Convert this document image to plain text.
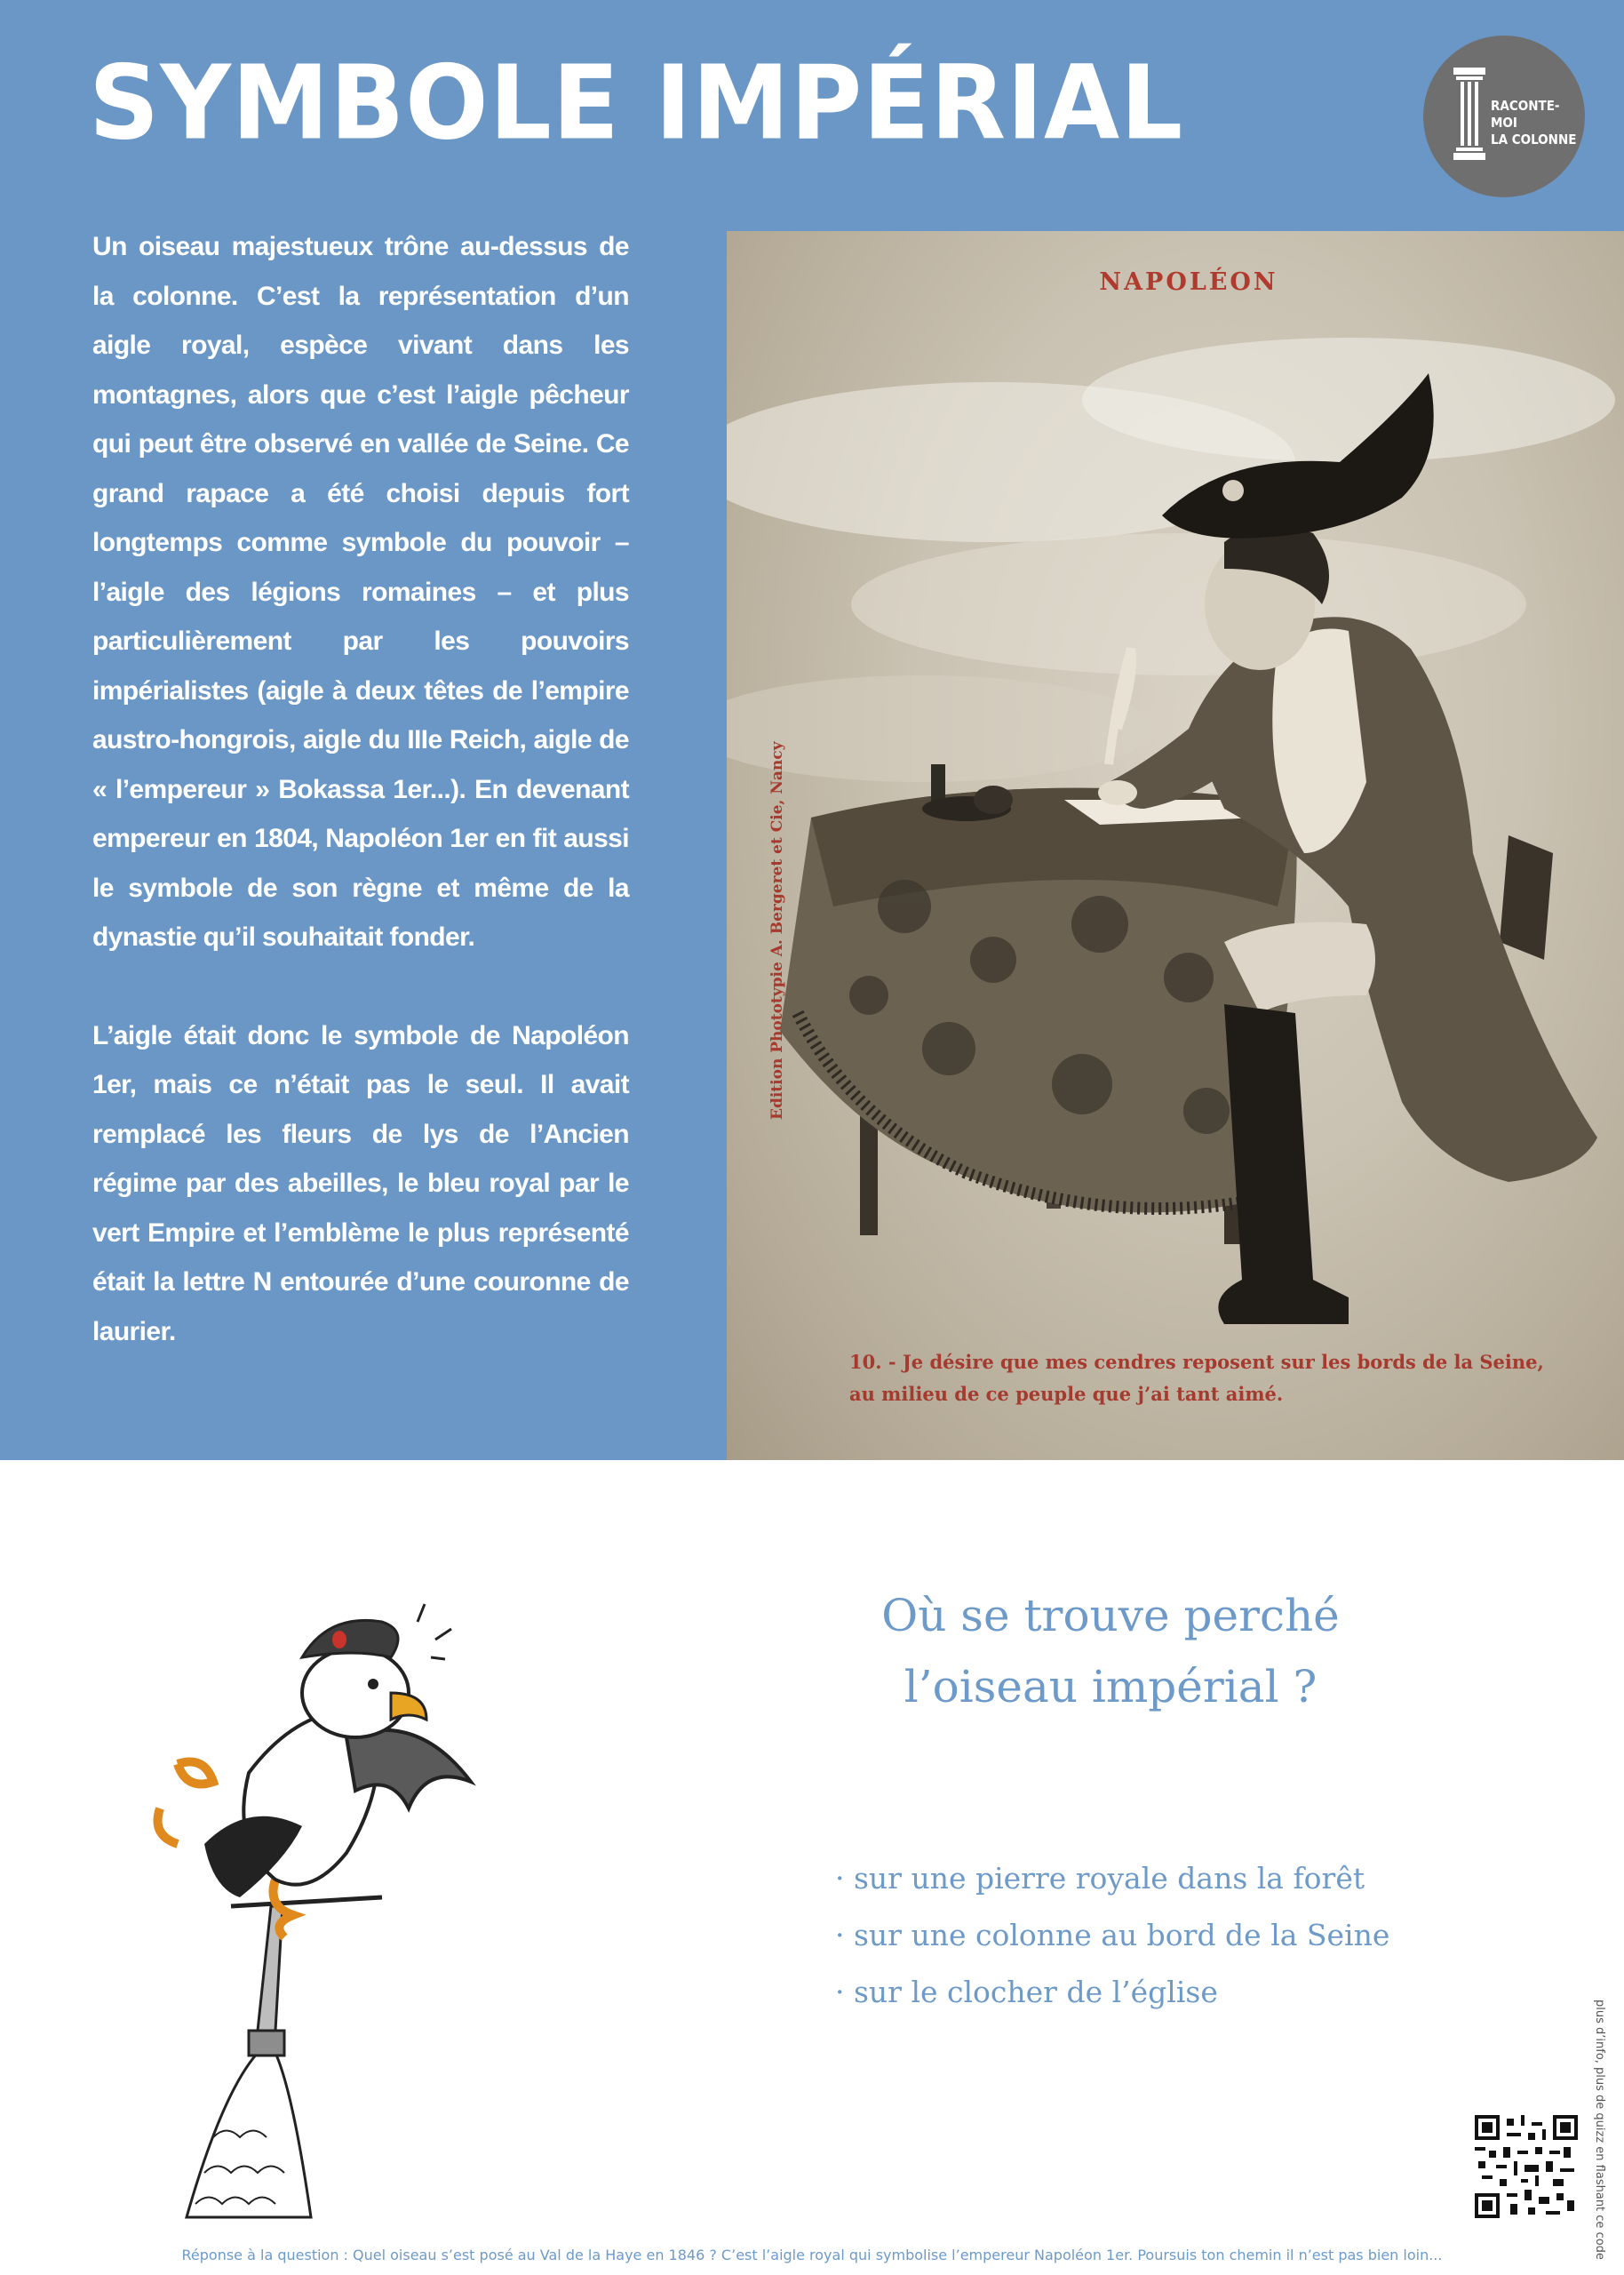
SYMBOLE IMPÉRIAL	RACONTE-MOI
LA COLONNE

Un oiseau majestueux trône au-dessus de la colonne. C’est la représentation d’un aigle royal, espèce vivant dans les montagnes, alors que c’est l’aigle pêcheur qui peut être observé en vallée de Seine. Ce grand rapace a été choisi depuis fort longtemps comme symbole du pouvoir – l’aigle des légions romaines – et plus particulièrement par les pouvoirs impérialistes (aigle à deux têtes de l’empire austro-hongrois, aigle du IIIe Reich, aigle de « l’empereur » Bokassa 1er...). En devenant empereur en 1804, Napoléon 1er en fit aussi le symbole de son règne et même de la dynastie qu’il souhaitait fonder.

L’aigle était donc le symbole de Napoléon 1er, mais ce n’était pas le seul. Il avait remplacé les fleurs de lys de l’Ancien régime par des abeilles, le bleu royal par le vert Empire et l’emblème le plus représenté était la lettre N entourée d’une couronne de laurier.

NAPOLÉON
Edition Phototypie A. Bergeret et Cie, Nancy
10. - Je désire que mes cendres reposent sur les bords de la Seine,
au milieu de ce peuple que j’ai tant aimé.
Où se trouve perché
l’oiseau impérial ?
· sur une pierre royale dans la forêt
· sur une colonne au bord de la Seine
· sur le clocher de l’église
plus d’info, plus de quizz en flashant ce code
Réponse à la question : Quel oiseau s’est posé au Val de la Haye en 1846 ? C’est l’aigle royal qui symbolise l’empereur Napoléon 1er. Poursuis ton chemin il n’est pas bien loin...
